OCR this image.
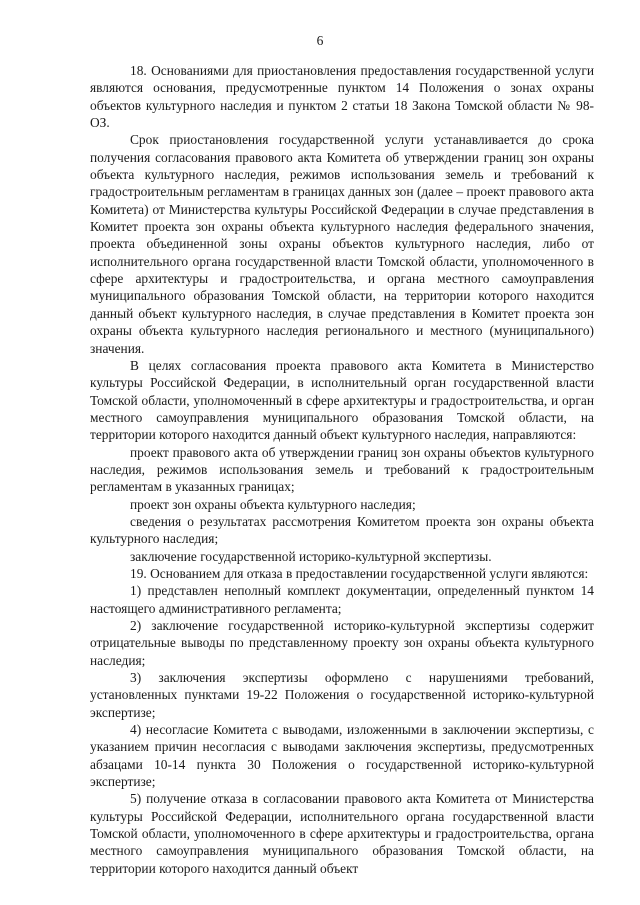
6

18. Основаниями для приостановления предоставления государственной услуги являются основания, предусмотренные пунктом 14 Положения о зонах охраны объектов культурного наследия и пунктом 2 статьи 18 Закона Томской области № 98-ОЗ.

Срок приостановления государственной услуги устанавливается до срока получения согласования правового акта Комитета об утверждении границ зон охраны объекта культурного наследия, режимов использования земель и требований к градостроительным регламентам в границах данных зон (далее – проект правового акта Комитета) от Министерства культуры Российской Федерации в случае представления в Комитет проекта зон охраны объекта культурного наследия федерального значения, проекта объединенной зоны охраны объектов культурного наследия, либо от исполнительного органа государственной власти Томской области, уполномоченного в сфере архитектуры и градостроительства, и органа местного самоуправления муниципального образования Томской области, на территории которого находится данный объект культурного наследия, в случае представления в Комитет проекта зон охраны объекта культурного наследия регионального и местного (муниципального) значения.

В целях согласования проекта правового акта Комитета в Министерство культуры Российской Федерации, в исполнительный орган государственной власти Томской области, уполномоченный в сфере архитектуры и градостроительства, и орган местного самоуправления муниципального образования Томской области, на территории которого находится данный объект культурного наследия, направляются:

проект правового акта об утверждении границ зон охраны объектов культурного наследия, режимов использования земель и требований к градостроительным регламентам в указанных границах;

проект зон охраны объекта культурного наследия;

сведения о результатах рассмотрения Комитетом проекта зон охраны объекта культурного наследия;

заключение государственной историко-культурной экспертизы.

19. Основанием для отказа в предоставлении государственной услуги являются:

1) представлен неполный комплект документации, определенный пунктом 14 настоящего административного регламента;

2) заключение государственной историко-культурной экспертизы содержит отрицательные выводы по представленному проекту зон охраны объекта культурного наследия;

3) заключения экспертизы оформлено с нарушениями требований, установленных пунктами 19-22 Положения о государственной историко-культурной экспертизе;

4) несогласие Комитета с выводами, изложенными в заключении экспертизы, с указанием причин несогласия с выводами заключения экспертизы, предусмотренных абзацами 10-14 пункта 30 Положения о государственной историко-культурной экспертизе;

5) получение отказа в согласовании правового акта Комитета от Министерства культуры Российской Федерации, исполнительного органа государственной власти Томской области, уполномоченного в сфере архитектуры и градостроительства, органа местного самоуправления муниципального образования Томской области, на территории которого находится данный объект
